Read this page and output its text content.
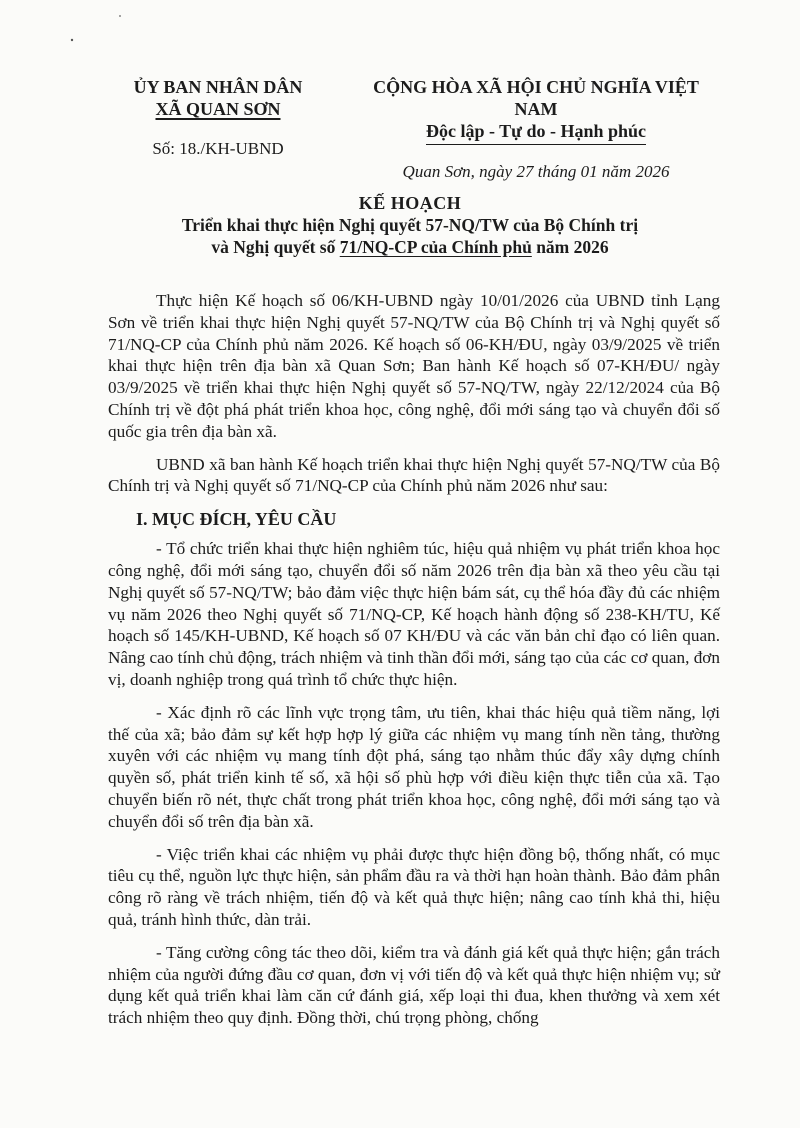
ỦY BAN NHÂN DÂN
XÃ QUAN SƠN
Số: 18./KH-UBND
CỘNG HÒA XÃ HỘI CHỦ NGHĨA VIỆT NAM
Độc lập - Tự do - Hạnh phúc
Quan Sơn, ngày 27 tháng 01 năm 2026
KẾ HOẠCH
Triển khai thực hiện Nghị quyết 57-NQ/TW của Bộ Chính trị
và Nghị quyết số 71/NQ-CP của Chính phủ năm 2026

Thực hiện Kế hoạch số 06/KH-UBND ngày 10/01/2026 của UBND tỉnh Lạng Sơn về triển khai thực hiện Nghị quyết 57-NQ/TW của Bộ Chính trị và Nghị quyết số 71/NQ-CP của Chính phủ năm 2026. Kế hoạch số 06-KH/ĐU, ngày 03/9/2025 về triển khai thực hiện trên địa bàn xã Quan Sơn; Ban hành Kế hoạch số 07-KH/ĐU/ ngày 03/9/2025 về triển khai thực hiện Nghị quyết số 57-NQ/TW, ngày 22/12/2024 của Bộ Chính trị về đột phá phát triển khoa học, công nghệ, đổi mới sáng tạo và chuyển đổi số quốc gia trên địa bàn xã.

UBND xã ban hành Kế hoạch triển khai thực hiện Nghị quyết 57-NQ/TW của Bộ Chính trị và Nghị quyết số 71/NQ-CP của Chính phủ năm 2026 như sau:

I. MỤC ĐÍCH, YÊU CẦU

- Tổ chức triển khai thực hiện nghiêm túc, hiệu quả nhiệm vụ phát triển khoa học công nghệ, đổi mới sáng tạo, chuyển đổi số năm 2026 trên địa bàn xã theo yêu cầu tại Nghị quyết số 57-NQ/TW; bảo đảm việc thực hiện bám sát, cụ thể hóa đầy đủ các nhiệm vụ năm 2026 theo Nghị quyết số 71/NQ-CP, Kế hoạch hành động số 238-KH/TU, Kế hoạch số 145/KH-UBND, Kế hoạch số 07 KH/ĐU và các văn bản chỉ đạo có liên quan. Nâng cao tính chủ động, trách nhiệm và tinh thần đổi mới, sáng tạo của các cơ quan, đơn vị, doanh nghiệp trong quá trình tổ chức thực hiện.

- Xác định rõ các lĩnh vực trọng tâm, ưu tiên, khai thác hiệu quả tiềm năng, lợi thế của xã; bảo đảm sự kết hợp hợp lý giữa các nhiệm vụ mang tính nền tảng, thường xuyên với các nhiệm vụ mang tính đột phá, sáng tạo nhằm thúc đẩy xây dựng chính quyền số, phát triển kinh tế số, xã hội số phù hợp với điều kiện thực tiễn của xã. Tạo chuyển biến rõ nét, thực chất trong phát triển khoa học, công nghệ, đổi mới sáng tạo và chuyển đổi số trên địa bàn xã.

- Việc triển khai các nhiệm vụ phải được thực hiện đồng bộ, thống nhất, có mục tiêu cụ thể, nguồn lực thực hiện, sản phẩm đầu ra và thời hạn hoàn thành. Bảo đảm phân công rõ ràng về trách nhiệm, tiến độ và kết quả thực hiện; nâng cao tính khả thi, hiệu quả, tránh hình thức, dàn trải.

- Tăng cường công tác theo dõi, kiểm tra và đánh giá kết quả thực hiện; gắn trách nhiệm của người đứng đầu cơ quan, đơn vị với tiến độ và kết quả thực hiện nhiệm vụ; sử dụng kết quả triển khai làm căn cứ đánh giá, xếp loại thi đua, khen thưởng và xem xét trách nhiệm theo quy định. Đồng thời, chú trọng phòng, chống
